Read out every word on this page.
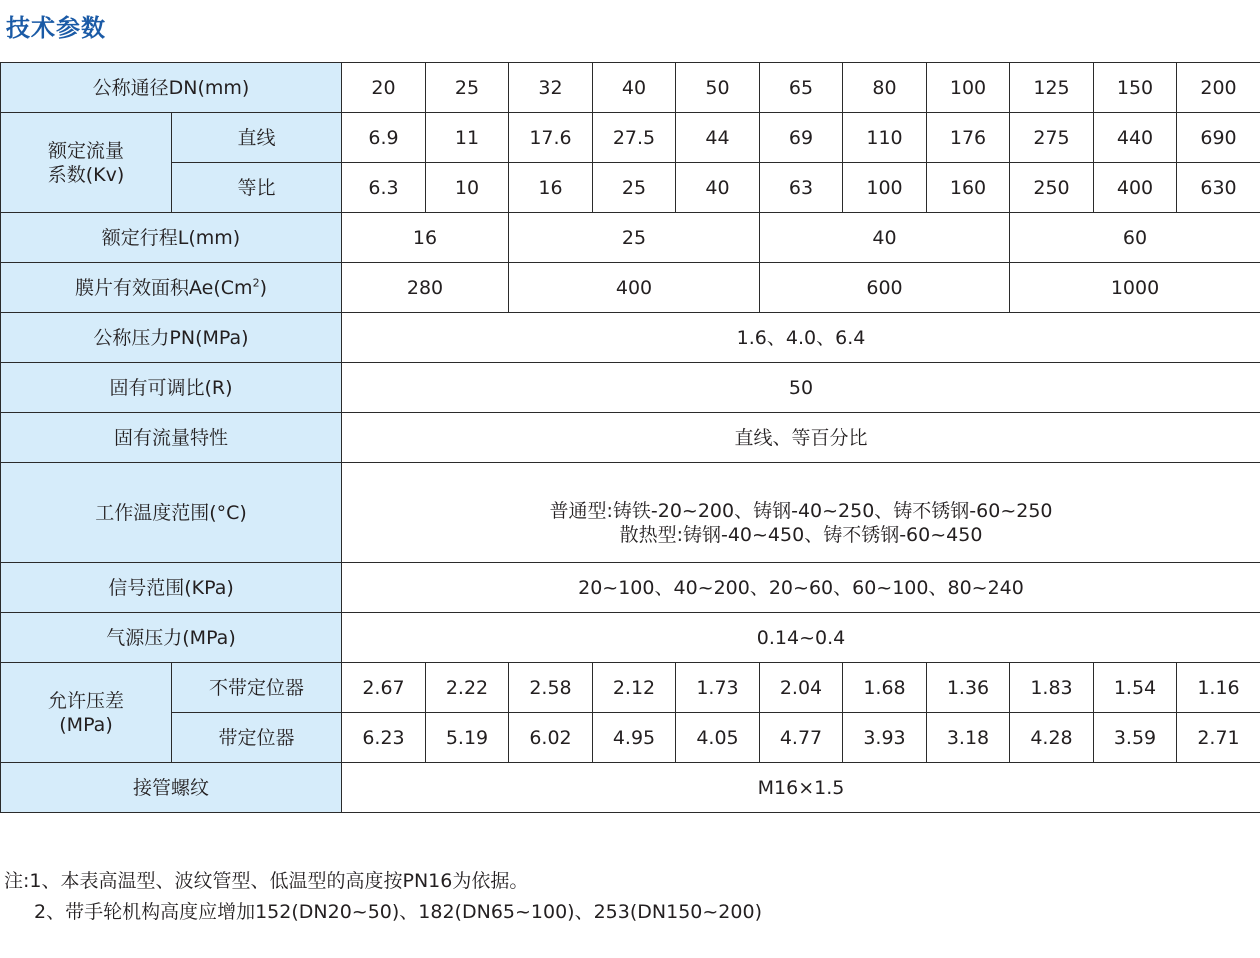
技术参数
公称通径DN(mm)		20	25	32	40	50	65	80	100	125	150	200

额定流量
系数(Kv)	直线	6.9	11	17.6	27.5	44	69	110	176	275	440	690
	等比	6.3	10	16	25	40	63	100	160	250	400	630
额定行程L(mm)		16		25			40			60		
膜片有效面积Ae(Cm$^2$)		280		400			600			1000		
公称压力PN(MPa)		1.6、4.0、6.4										
固有可调比(R)		50										
固有流量特性		直线、等百分比										
工作温度范围(°C)		普通型:铸铁-20~200、铸钢-40~250、铸不锈钢-60~250
散热型:铸钢-40~450、铸不锈钢-60~450										

信号范围(KPa)		20~100、40~200、20~60、60~100、80~240										
气源压力(MPa)		0.14~0.4										

允许压差
(MPa)	不带定位器	2.67	2.22	2.58	2.12	1.73	2.04	1.68	1.36	1.83	1.54	1.16
	带定位器	6.23	5.19	6.02	4.95	4.05	4.77	3.93	3.18	4.28	3.59	2.71
接管螺纹		M16×1.5										
注:1、本表高温型、波纹管型、低温型的高度按PN16为依据。
2、带手轮机构高度应增加152(DN20~50)、182(DN65~100)、253(DN150~200)
